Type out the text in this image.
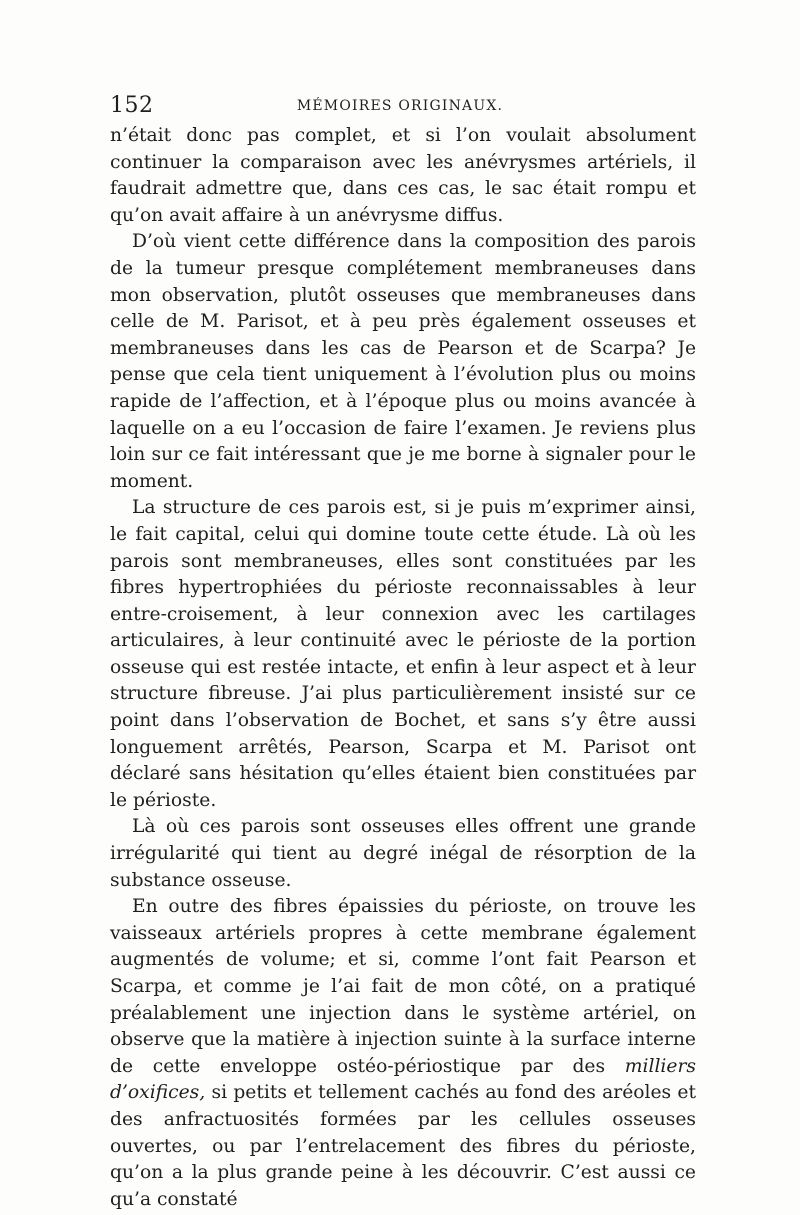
152	MÉMOIRES ORIGINAUX.

n’était donc pas complet, et si l’on voulait absolument continuer la comparaison avec les anévrysmes artériels, il faudrait admettre que, dans ces cas, le sac était rompu et qu’on avait affaire à un anévrysme diffus.

D’où vient cette différence dans la composition des parois de la tumeur presque complétement membraneuses dans mon observation, plutôt osseuses que membraneuses dans celle de M. Parisot, et à peu près également osseuses et membraneuses dans les cas de Pearson et de Scarpa? Je pense que cela tient uniquement à l’évolution plus ou moins rapide de l’affection, et à l’époque plus ou moins avancée à laquelle on a eu l’occasion de faire l’examen. Je reviens plus loin sur ce fait intéressant que je me borne à signaler pour le moment.

La structure de ces parois est, si je puis m’exprimer ainsi, le fait capital, celui qui domine toute cette étude. Là où les parois sont membraneuses, elles sont constituées par les fibres hypertrophiées du périoste reconnaissables à leur entre-croisement, à leur connexion avec les cartilages articulaires, à leur continuité avec le périoste de la portion osseuse qui est restée intacte, et enfin à leur aspect et à leur structure fibreuse. J’ai plus particulièrement insisté sur ce point dans l’observation de Bochet, et sans s’y être aussi longuement arrêtés, Pearson, Scarpa et M. Parisot ont déclaré sans hésitation qu’elles étaient bien constituées par le périoste.

Là où ces parois sont osseuses elles offrent une grande irrégularité qui tient au degré inégal de résorption de la substance osseuse.

En outre des fibres épaissies du périoste, on trouve les vaisseaux artériels propres à cette membrane également augmentés de volume; et si, comme l’ont fait Pearson et Scarpa, et comme je l’ai fait de mon côté, on a pratiqué préalablement une injection dans le système artériel, on observe que la matière à injection suinte à la surface interne de cette enveloppe ostéo-périostique par des milliers d’oxifices, si petits et tellement cachés au fond des aréoles et des anfractuosités formées par les cellules osseuses ouvertes, ou par l’entrelacement des fibres du périoste, qu’on a la plus grande peine à les découvrir. C’est aussi ce qu’a constaté
